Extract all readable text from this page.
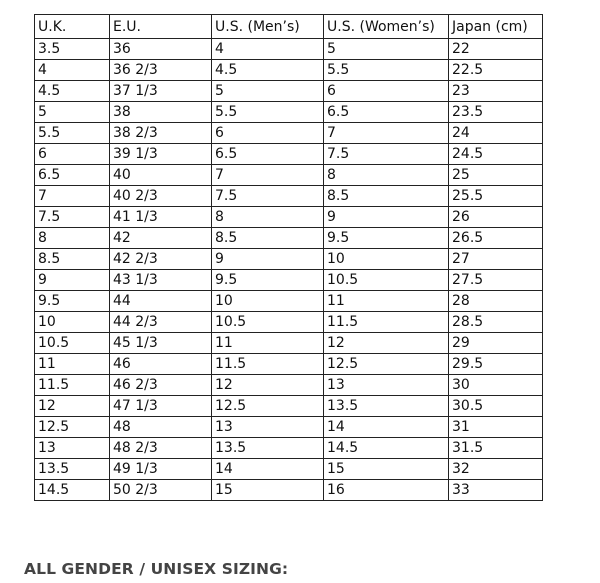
U.K.	E.U.	U.S. (Men’s)	U.S. (Women’s)	Japan (cm)
3.5	36	4	5	22
4	36 2/3	4.5	5.5	22.5
4.5	37 1/3	5	6	23
5	38	5.5	6.5	23.5
5.5	38 2/3	6	7	24
6	39 1/3	6.5	7.5	24.5
6.5	40	7	8	25
7	40 2/3	7.5	8.5	25.5
7.5	41 1/3	8	9	26
8	42	8.5	9.5	26.5
8.5	42 2/3	9	10	27
9	43 1/3	9.5	10.5	27.5
9.5	44	10	11	28
10	44 2/3	10.5	11.5	28.5
10.5	45 1/3	11	12	29
11	46	11.5	12.5	29.5
11.5	46 2/3	12	13	30
12	47 1/3	12.5	13.5	30.5
12.5	48	13	14	31
13	48 2/3	13.5	14.5	31.5
13.5	49 1/3	14	15	32
14.5	50 2/3	15	16	33
ALL GENDER / UNISEX SIZING:
